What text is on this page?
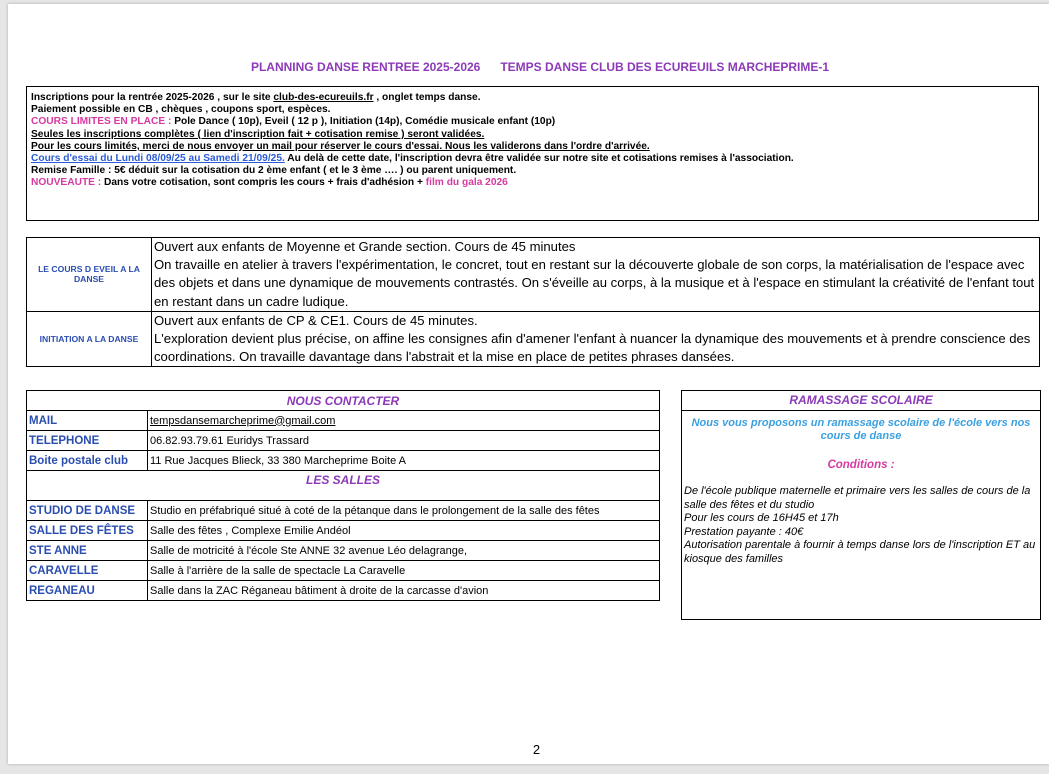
PLANNING DANSE RENTREE 2025-2026      TEMPS DANSE CLUB DES ECUREUILS MARCHEPRIME-1
Inscriptions pour la rentrée 2025-2026 , sur le site club-des-ecureuils.fr , onglet temps danse.
Paiement possible en CB , chèques , coupons sport, espèces.
COURS LIMITES EN PLACE : Pole Dance ( 10p), Eveil ( 12 p ), Initiation (14p), Comédie musicale enfant (10p)
Seules les inscriptions complètes ( lien d'inscription fait + cotisation remise ) seront validées.
Pour les cours limités, merci de nous envoyer un mail pour réserver le cours d'essai. Nous les validerons dans l'ordre d'arrivée.
Cours d'essai du Lundi 08/09/25 au Samedi 21/09/25. Au delà de cette date, l'inscription devra être validée sur notre site et cotisations remises à l'association.
Remise Famille : 5€ déduit sur la cotisation du 2 ème enfant ( et le 3 ème …. ) ou parent uniquement.
NOUVEAUTE : Dans votre cotisation, sont compris les cours + frais d'adhésion + film du gala 2026
LE COURS D EVEIL A LA DANSE	Ouvert aux enfants de Moyenne et Grande section. Cours de 45 minutes
On travaille en atelier à travers l'expérimentation, le concret, tout en restant sur la découverte globale de son corps, la matérialisation de l'espace avec des objets et dans une dynamique de mouvements contrastés. On s'éveille au corps, à la musique et à l'espace en stimulant la créativité de l'enfant tout en restant dans un cadre ludique.
INITIATION A LA DANSE	Ouvert aux enfants de CP & CE1. Cours de 45 minutes.
L'exploration devient plus précise, on affine les consignes afin d'amener l'enfant à nuancer la dynamique des mouvements et à prendre conscience des coordinations. On travaille davantage dans l'abstrait et la mise en place de petites phrases dansées.
NOUS CONTACTER	
MAIL	tempsdansemarcheprime@gmail.com
TELEPHONE	06.82.93.79.61 Euridys Trassard
Boite postale club	11 Rue Jacques Blieck, 33 380 Marcheprime Boite A
LES SALLES	
STUDIO DE DANSE	Studio en préfabriqué situé à coté de la pétanque dans le prolongement de la salle des fêtes
SALLE DES FÊTES	Salle des fêtes , Complexe Emilie Andéol
STE ANNE	Salle de motricité à l'école Ste ANNE 32 avenue Léo delagrange,
CARAVELLE	Salle à l'arrière de la salle de spectacle La Caravelle
REGANEAU	Salle dans la ZAC Réganeau bâtiment à droite de la carcasse d'avion
RAMASSAGE SCOLAIRE
Nous vous proposons un ramassage scolaire de l'école vers nos cours de danse
Conditions :
De l'école publique maternelle et primaire vers les salles de cours de la salle des fêtes et du studio
Pour les cours de 16H45 et 17h
Prestation payante : 40€
Autorisation parentale à fournir à temps danse lors de l'inscription ET au kiosque des familles
2
